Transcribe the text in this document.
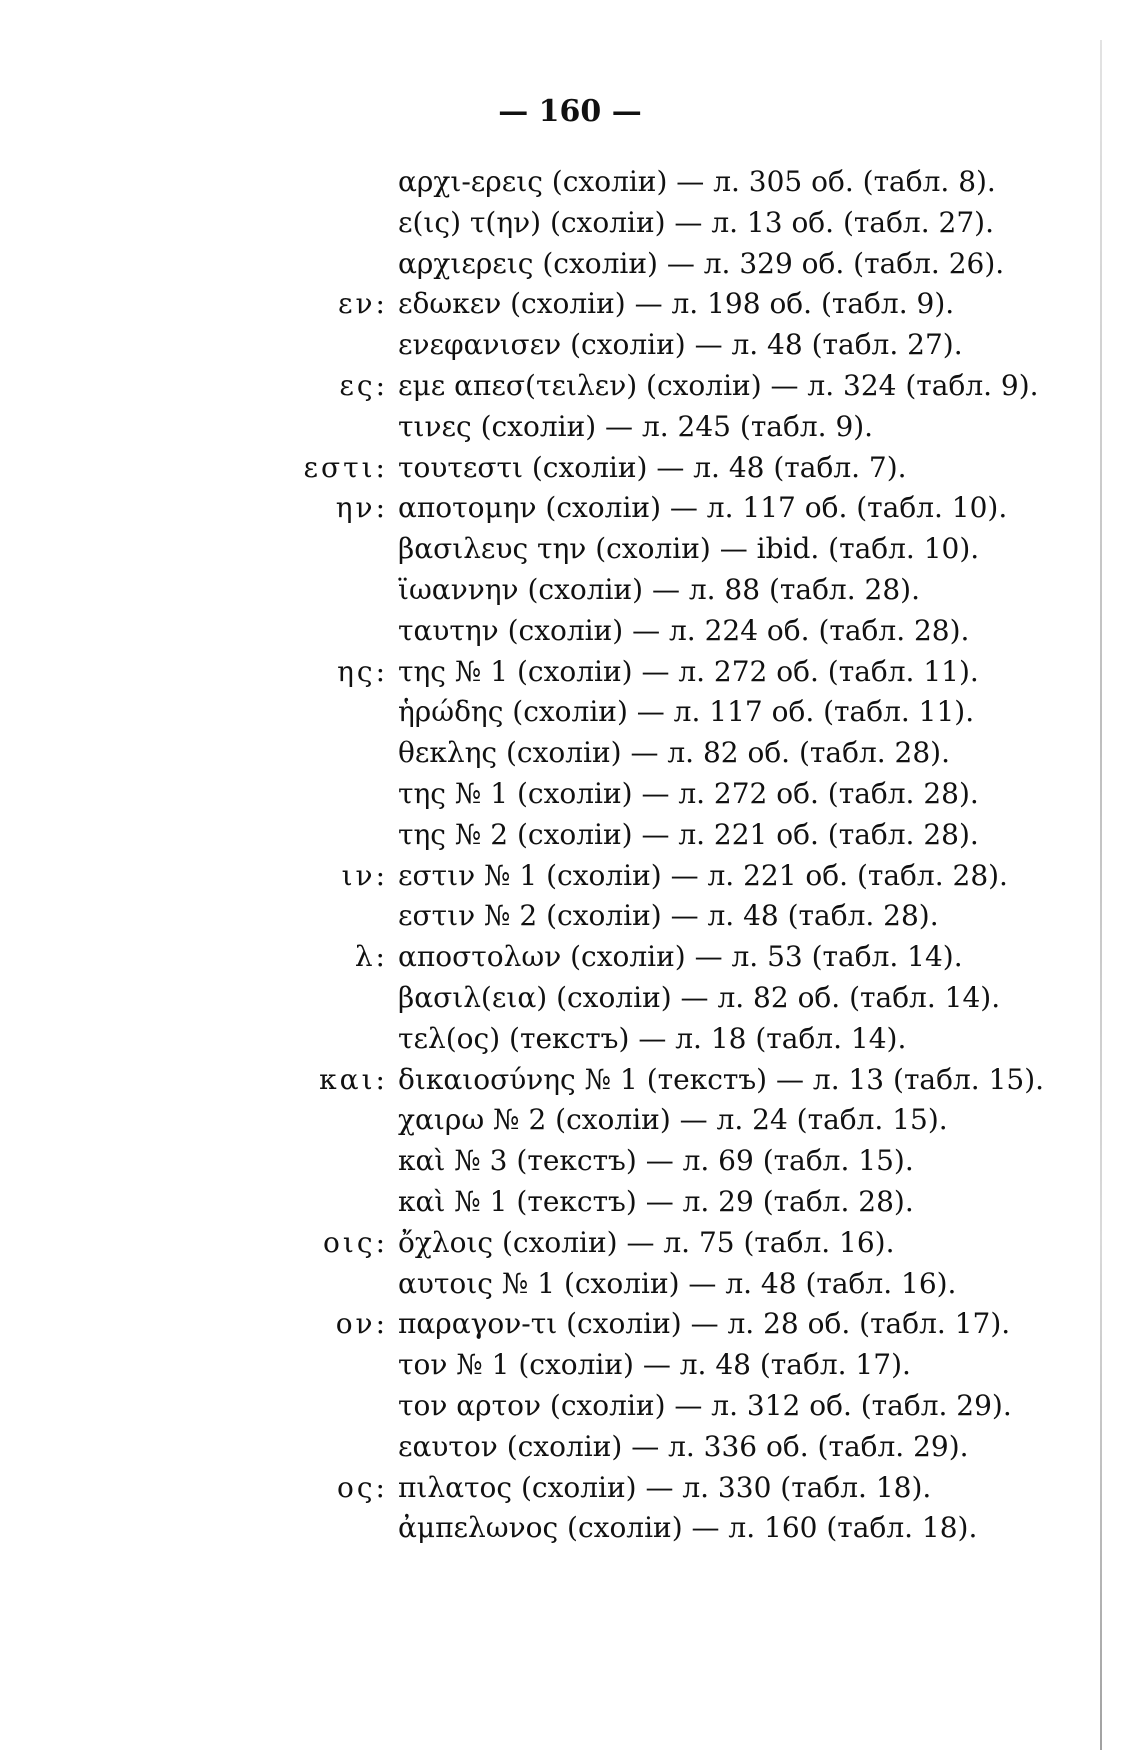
— 160 —
αρχι-ερεις (схолiи) — л. 305 об. (табл. 8).
ε(ις) τ(ην) (схолiи) — л. 13 об. (табл. 27).
αρχιερεις (схолiи) — л. 329 об. (табл. 26).
εν: εδωκεν (схолiи) — л. 198 об. (табл. 9).
ενεφανισεν (схолiи) — л. 48 (табл. 27).
ες: εμε απεσ(τειλεν) (схолiи) — л. 324 (табл. 9).
τινες (схолiи) — л. 245 (табл. 9).
εστι: τουτεστι (схолiи) — л. 48 (табл. 7).
ην: αποτομην (схолiи) — л. 117 об. (табл. 10).
βασιλευς την (схолiи) — ibid. (табл. 10).
ϊωαννην (схолiи) — л. 88 (табл. 28).
ταυτην (схолiи) — л. 224 об. (табл. 28).
ης: της № 1 (схолiи) — л. 272 об. (табл. 11).
ἡρώδης (схолiи) — л. 117 об. (табл. 11).
θεκλης (схолiи) — л. 82 об. (табл. 28).
της № 1 (схолiи) — л. 272 об. (табл. 28).
της № 2 (схолiи) — л. 221 об. (табл. 28).
ιν: εστιν № 1 (схолiи) — л. 221 об. (табл. 28).
εστιν № 2 (схолiи) — л. 48 (табл. 28).
λ: αποστολων (схолiи) — л. 53 (табл. 14).
βασιλ(εια) (схолiи) — л. 82 об. (табл. 14).
τελ(ος) (текстъ) — л. 18 (табл. 14).
και: δικαιοσύνης № 1 (текстъ) — л. 13 (табл. 15).
χαιρω № 2 (схолiи) — л. 24 (табл. 15).
καὶ № 3 (текстъ) — л. 69 (табл. 15).
καὶ № 1 (текстъ) — л. 29 (табл. 28).
οις: ὄχλοις (схолiи) — л. 75 (табл. 16).
αυτοις № 1 (схолiи) — л. 48 (табл. 16).
ον: παραγον-τι (схолiи) — л. 28 об. (табл. 17).
τον № 1 (схолiи) — л. 48 (табл. 17).
τον αρτον (схолiи) — л. 312 об. (табл. 29).
εαυτον (схолiи) — л. 336 об. (табл. 29).
ος: πιλατος (схолiи) — л. 330 (табл. 18).
ἀμπελωνος (схолiи) — л. 160 (табл. 18).
